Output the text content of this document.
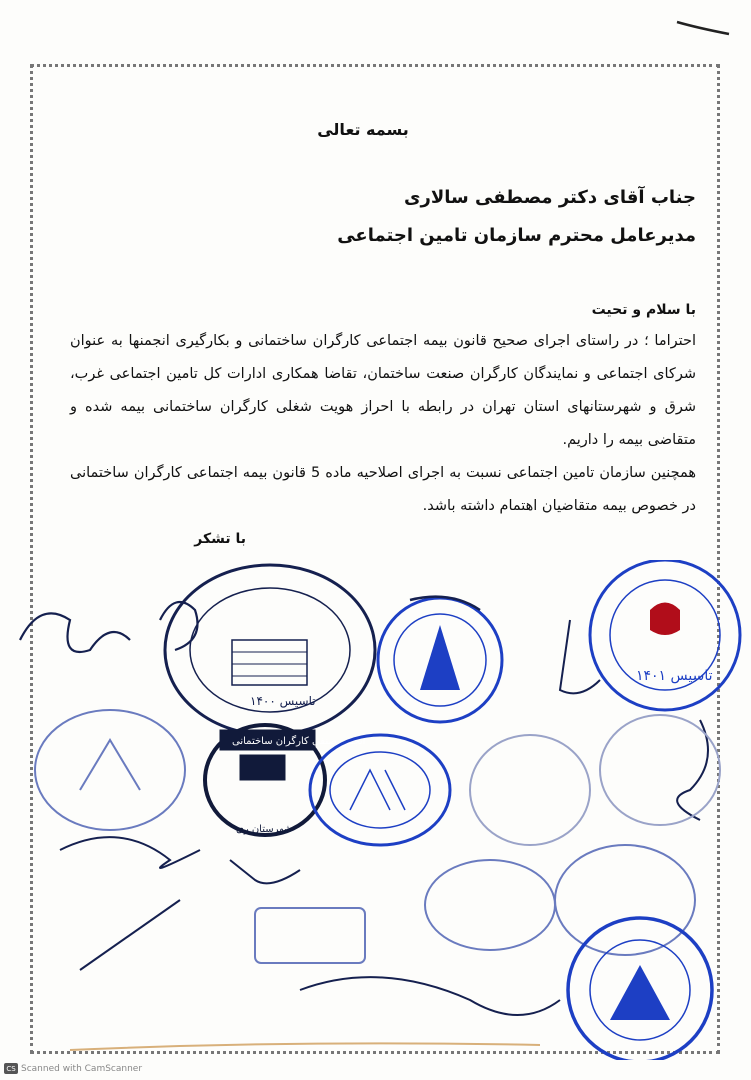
بسمه تعالی

جناب آقای دکتر مصطفی سالاری

مدیرعامل محترم سازمان تامین اجتماعی

با سلام و تحیت

احتراما ؛ در راستای اجرای صحیح قانون بیمه اجتماعی کارگران ساختمانی و بکارگیری انجمنها به عنوان شرکای اجتماعی و نمایندگان کارگران صنعت ساختمان، تقاضا همکاری ادارات کل تامین اجتماعی غرب، شرق و شهرستانهای استان تهران در رابطه با احراز هویت شغلی کارگران ساختمانی بیمه شده و متقاضی بیمه را داریم.

همچنین سازمان تامین اجتماعی نسبت به اجرای اصلاحیه ماده 5 قانون بیمه اجتماعی کارگران ساختمانی در خصوص بیمه متقاضیان اهتمام داشته باشد.

با تشکر
تاسیس ۱۴۰۰
تاسیس ۱۴۰۱
انجمن صنفی کارگران ساختمانی
شهرستان ری
CS Scanned with CamScanner
